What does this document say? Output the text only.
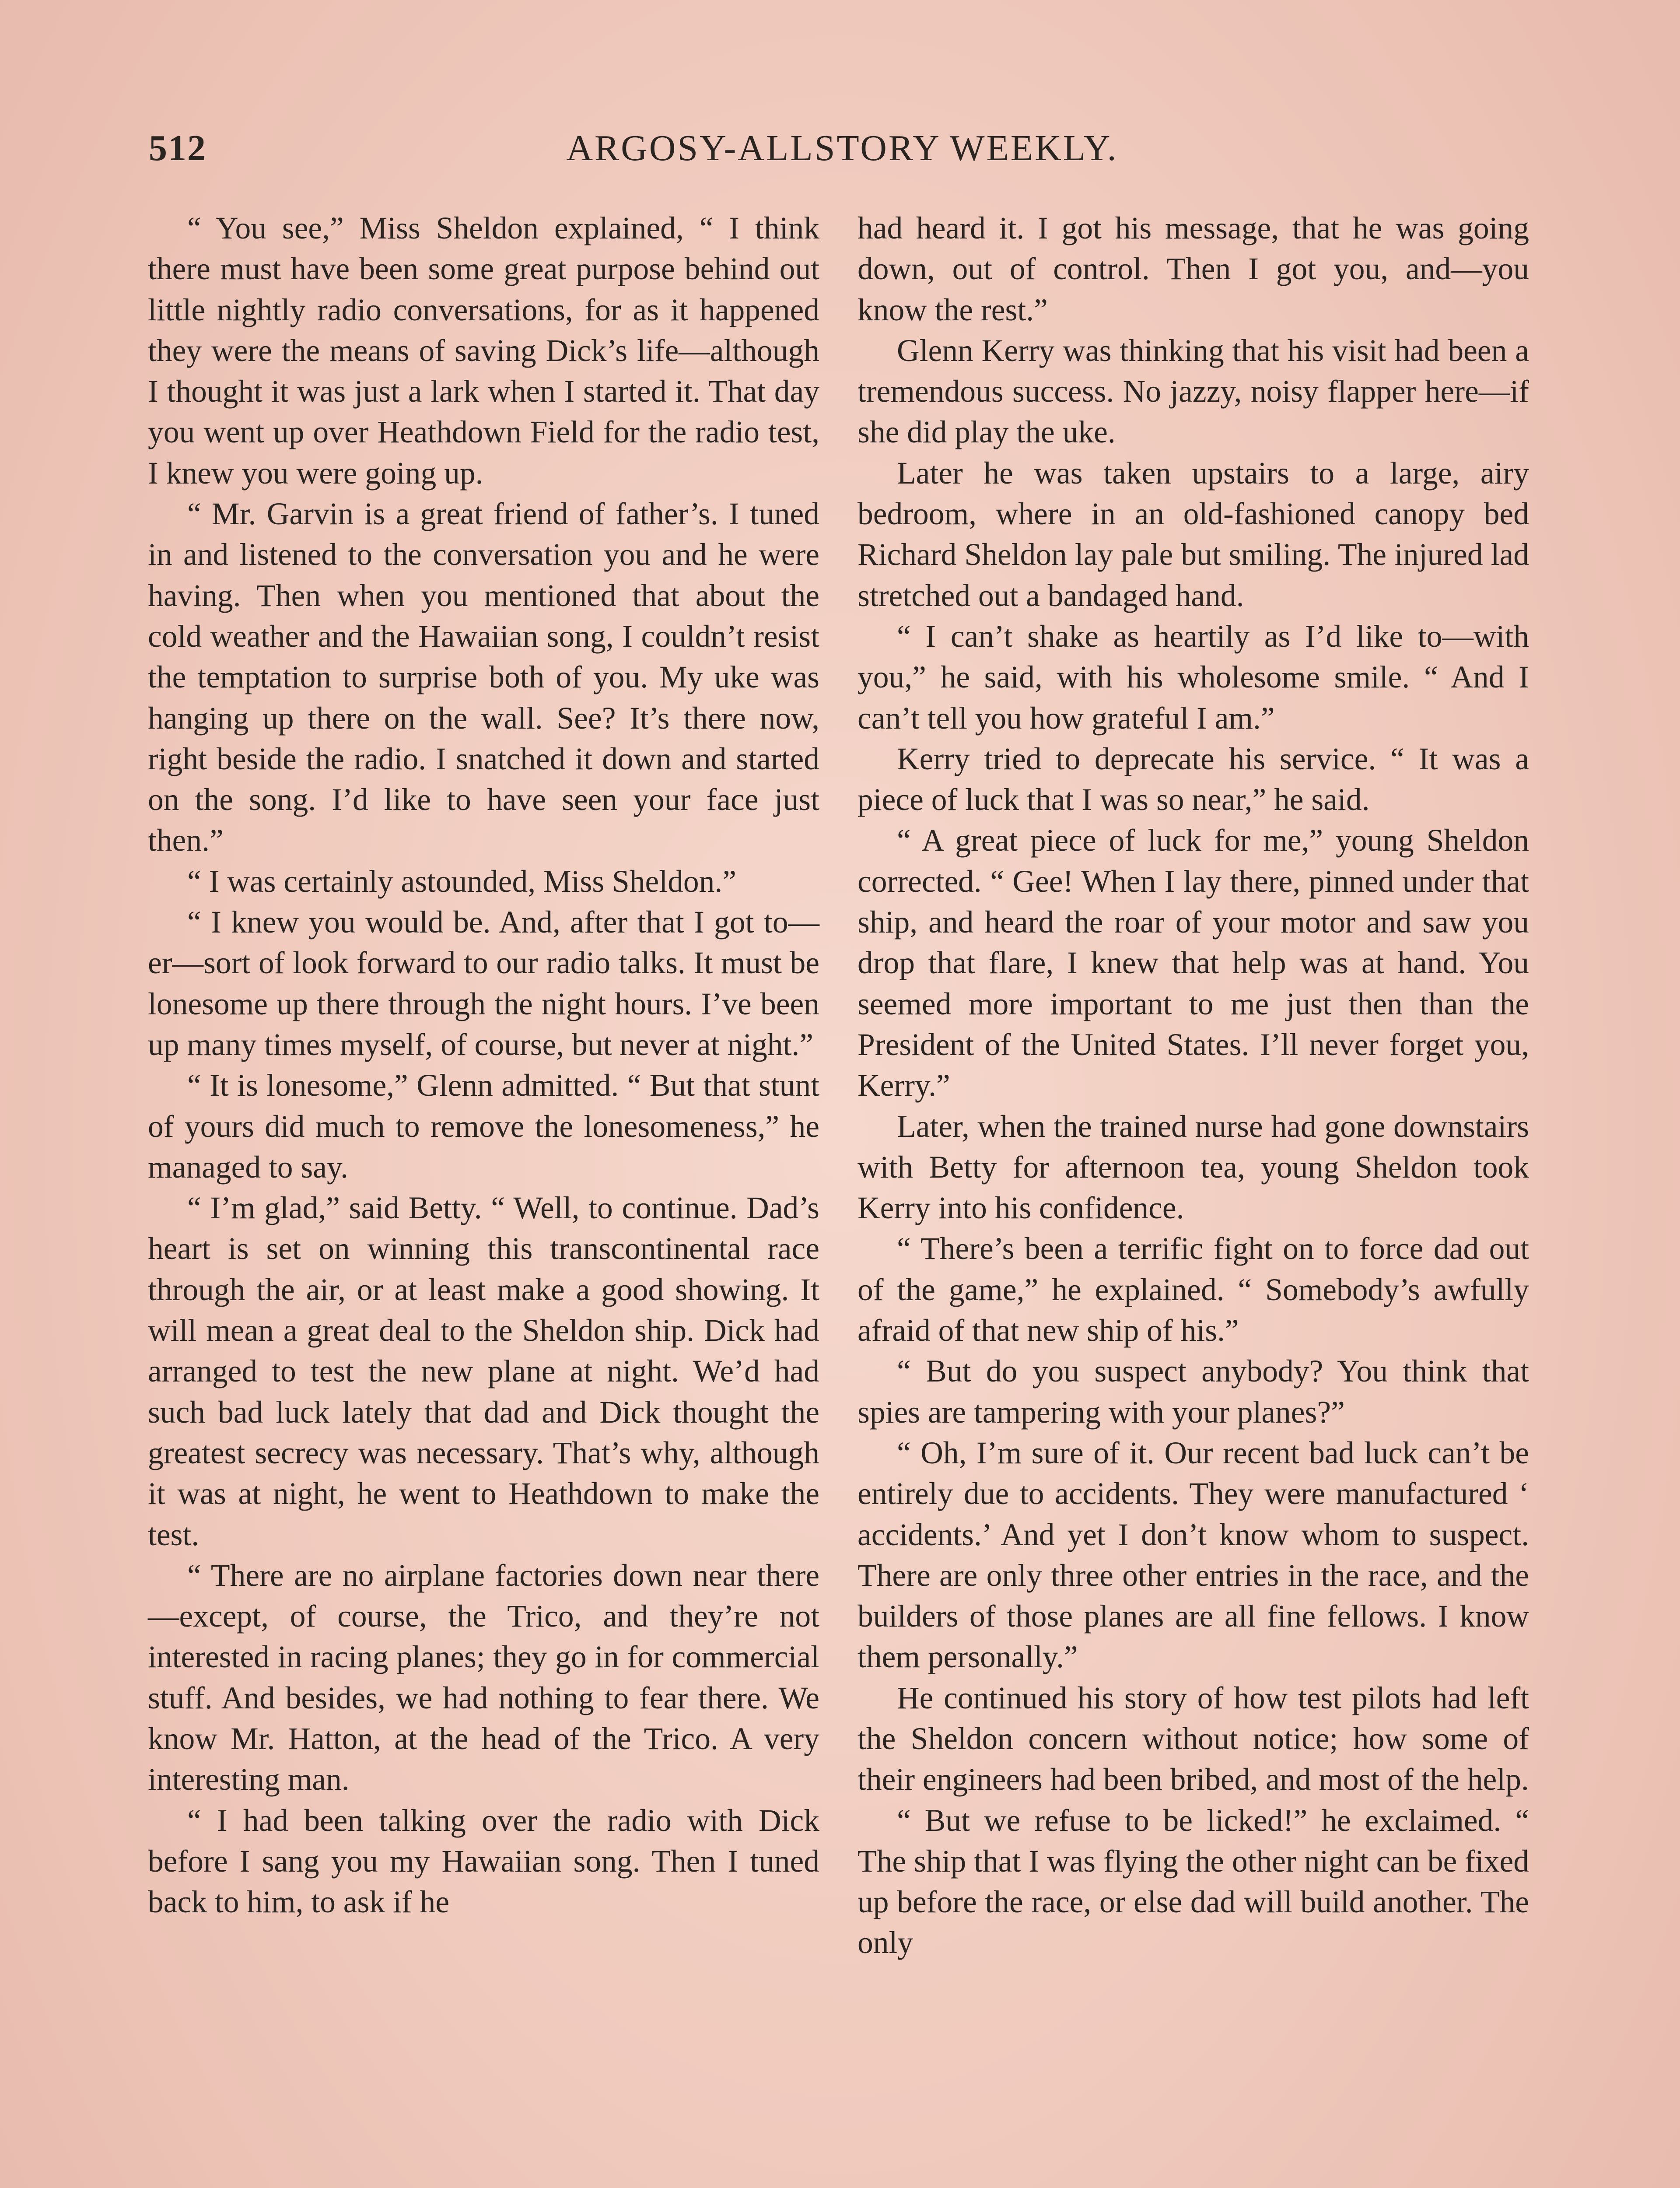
512	ARGOSY-ALLSTORY WEEKLY.

“ You see,” Miss Sheldon explained, “ I think there must have been some great purpose behind out little nightly radio conversations, for as it happened they were the means of saving Dick’s life—although I thought it was just a lark when I started it. That day you went up over Heathdown Field for the radio test, I knew you were going up.

“ Mr. Garvin is a great friend of father’s. I tuned in and listened to the conversation you and he were having. Then when you mentioned that about the cold weather and the Hawaiian song, I couldn’t resist the temptation to surprise both of you. My uke was hanging up there on the wall. See? It’s there now, right beside the radio. I snatched it down and started on the song. I’d like to have seen your face just then.”

“ I was certainly astounded, Miss Sheldon.”

“ I knew you would be. And, after that I got to—er—sort of look forward to our radio talks. It must be lonesome up there through the night hours. I’ve been up many times myself, of course, but never at night.”

“ It is lonesome,” Glenn admitted. “ But that stunt of yours did much to remove the lonesomeness,” he managed to say.

“ I’m glad,” said Betty. “ Well, to continue. Dad’s heart is set on winning this transcontinental race through the air, or at least make a good showing. It will mean a great deal to the Sheldon ship. Dick had arranged to test the new plane at night. We’d had such bad luck lately that dad and Dick thought the greatest secrecy was necessary. That’s why, although it was at night, he went to Heathdown to make the test.

“ There are no airplane factories down near there—except, of course, the Trico, and they’re not interested in racing planes; they go in for commercial stuff. And besides, we had nothing to fear there. We know Mr. Hatton, at the head of the Trico. A very interesting man.

“ I had been talking over the radio with Dick before I sang you my Hawaiian song. Then I tuned back to him, to ask if he

had heard it. I got his message, that he was going down, out of control. Then I got you, and—you know the rest.”

Glenn Kerry was thinking that his visit had been a tremendous success. No jazzy, noisy flapper here—if she did play the uke.

Later he was taken upstairs to a large, airy bedroom, where in an old-fashioned canopy bed Richard Sheldon lay pale but smiling. The injured lad stretched out a bandaged hand.

“ I can’t shake as heartily as I’d like to—with you,” he said, with his wholesome smile. “ And I can’t tell you how grateful I am.”

Kerry tried to deprecate his service. “ It was a piece of luck that I was so near,” he said.

“ A great piece of luck for me,” young Sheldon corrected. “ Gee! When I lay there, pinned under that ship, and heard the roar of your motor and saw you drop that flare, I knew that help was at hand. You seemed more important to me just then than the President of the United States. I’ll never forget you, Kerry.”

Later, when the trained nurse had gone downstairs with Betty for afternoon tea, young Sheldon took Kerry into his confidence.

“ There’s been a terrific fight on to force dad out of the game,” he explained. “ Somebody’s awfully afraid of that new ship of his.”

“ But do you suspect anybody? You think that spies are tampering with your planes?”

“ Oh, I’m sure of it. Our recent bad luck can’t be entirely due to accidents. They were manufactured ‘ accidents.’ And yet I don’t know whom to suspect. There are only three other entries in the race, and the builders of those planes are all fine fellows. I know them personally.”

He continued his story of how test pilots had left the Sheldon concern without notice; how some of their engineers had been bribed, and most of the help.

“ But we refuse to be licked!” he exclaimed. “ The ship that I was flying the other night can be fixed up before the race, or else dad will build another. The only
